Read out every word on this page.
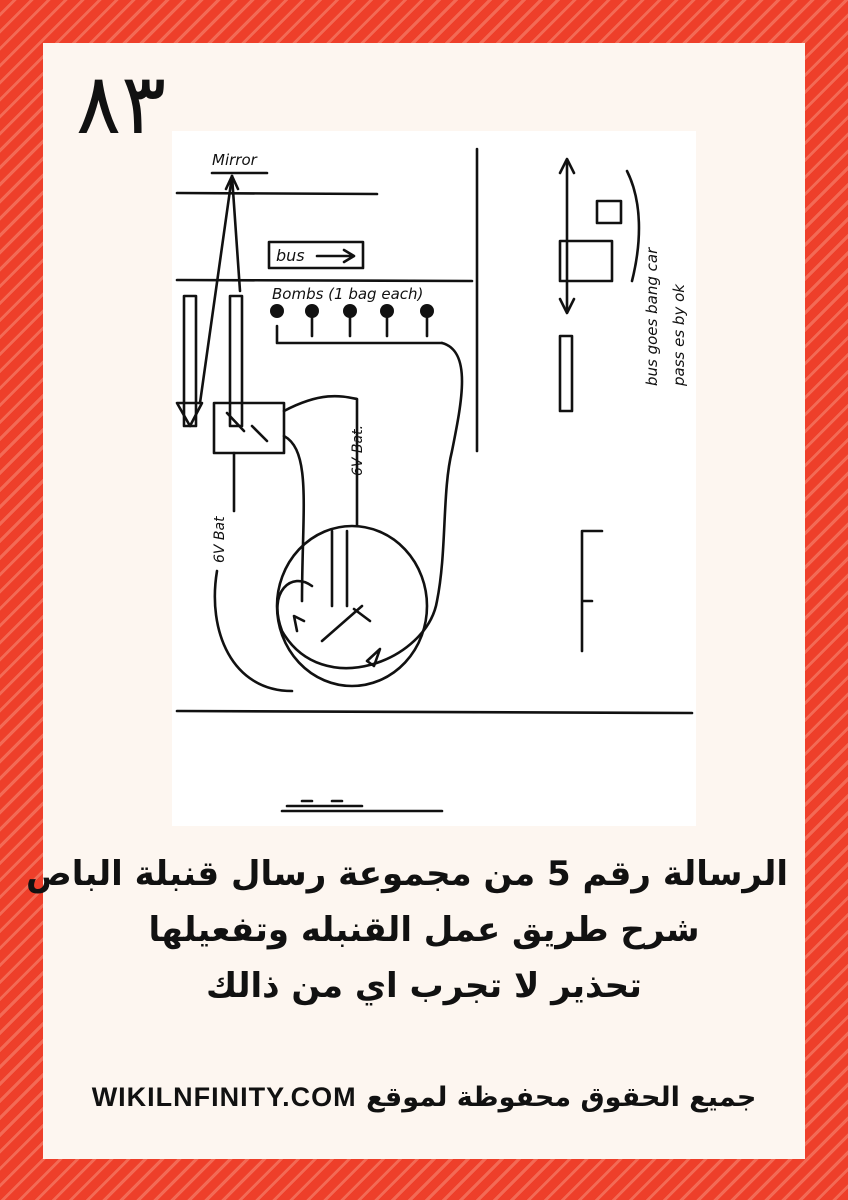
٨٣
Mirror
bus
Bombs (1 bag each)
6V Bat
6V Bat.
bus goes bang car pass es by ok
الرسالة رقم 5 من مجموعة رسال قنبلة الباص
شرح طريق عمل القنبله وتفعيلها
تحذير لا تجرب اي من ذالك
جميع الحقوق محفوظة لموقع WIKILNFINITY.COM
